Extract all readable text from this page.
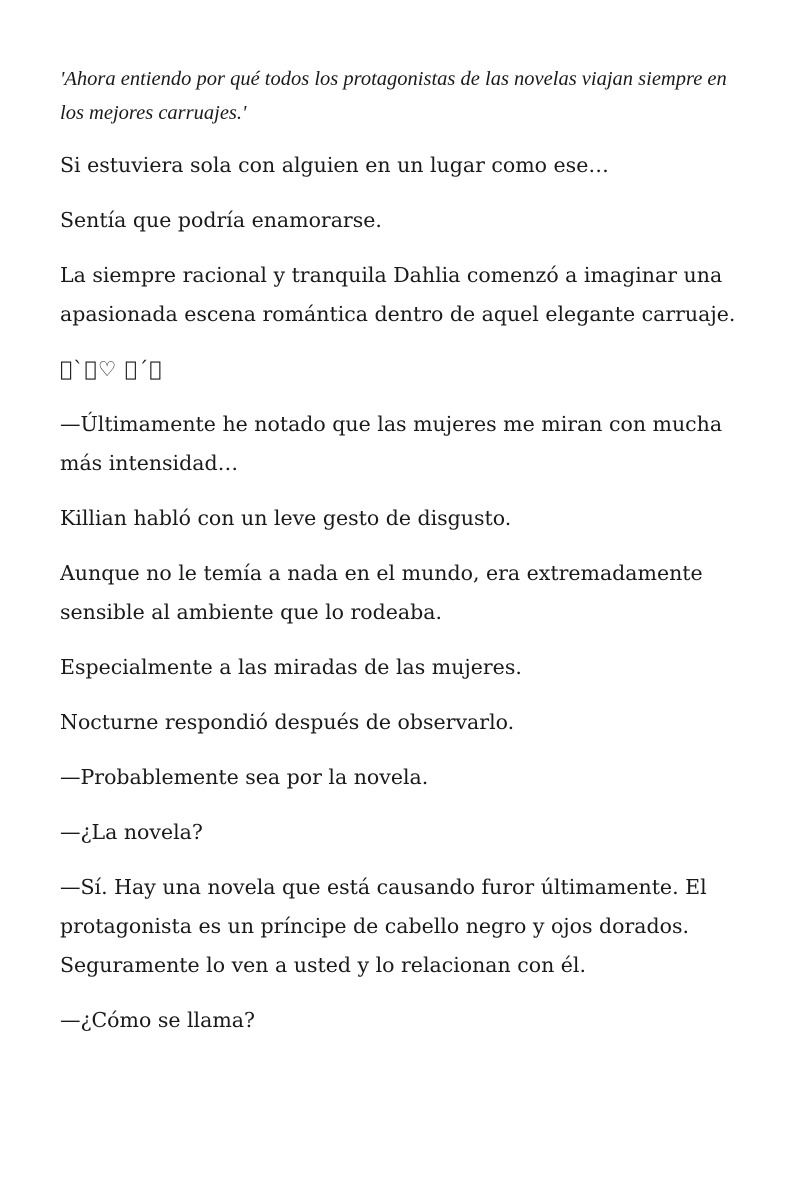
'Ahora entiendo por qué todos los protagonistas de las novelas viajan siempre en los mejores carruajes.'

Si estuviera sola con alguien en un lugar como ese…

Sentía que podría enamorarse.

La siempre racional y tranquila Dahlia comenzó a imaginar una apasionada escena romántica dentro de aquel elegante carruaje.

󰀀`󰀀♡ 󰀀´󰀀

—Últimamente he notado que las mujeres me miran con mucha más intensidad…

Killian habló con un leve gesto de disgusto.

Aunque no le temía a nada en el mundo, era extremadamente sensible al ambiente que lo rodeaba.

Especialmente a las miradas de las mujeres.

Nocturne respondió después de observarlo.

—Probablemente sea por la novela.

—¿La novela?

—Sí. Hay una novela que está causando furor últimamente. El protagonista es un príncipe de cabello negro y ojos dorados. Seguramente lo ven a usted y lo relacionan con él.

—¿Cómo se llama?
